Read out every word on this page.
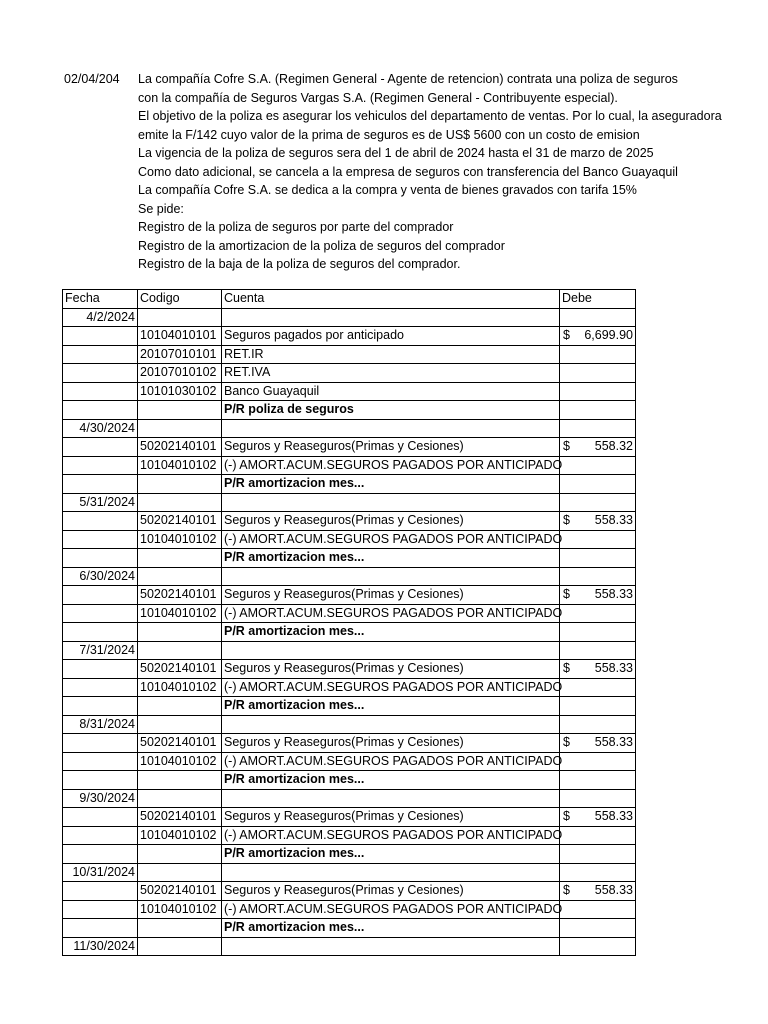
02/04/204 La compañía Cofre S.A. (Regimen General - Agente de retencion) contrata una poliza de seguros
con la compañía de Seguros Vargas S.A. (Regimen General - Contribuyente especial).
El objetivo de la poliza es asegurar los vehiculos del departamento de ventas. Por lo cual, la aseguradora
emite la F/142 cuyo valor de la prima de seguros es de US$ 5600 con un costo de emision
La vigencia de la poliza de seguros sera del 1 de abril de 2024 hasta el 31 de marzo de 2025
Como dato adicional, se cancela a la empresa de seguros con transferencia del Banco Guayaquil
La compañía Cofre S.A. se dedica a la compra y venta de bienes gravados con tarifa 15%
Se pide:
Registro de la poliza de seguros por parte del comprador
Registro de la amortizacion de la poliza de seguros del comprador
Registro de la baja de la poliza de seguros del comprador.
Fecha	Codigo	Cuenta	Debe
4/2/2024			
	10104010101	Seguros pagados por anticipado	$ 6,699.90

	20107010101	RET.IR	
	20107010102	RET.IVA	
	10101030102	Banco Guayaquil	
		P/R poliza de seguros	
4/30/2024			
	50202140101	Seguros y Reaseguros(Primas y Cesiones)	$ 558.32

	10104010102	(-) AMORT.ACUM.SEGUROS PAGADOS POR ANTICIPADO	
		P/R amortizacion mes...	
5/31/2024			
	50202140101	Seguros y Reaseguros(Primas y Cesiones)	$ 558.33

	10104010102	(-) AMORT.ACUM.SEGUROS PAGADOS POR ANTICIPADO	
		P/R amortizacion mes...	
6/30/2024			
	50202140101	Seguros y Reaseguros(Primas y Cesiones)	$ 558.33

	10104010102	(-) AMORT.ACUM.SEGUROS PAGADOS POR ANTICIPADO	
		P/R amortizacion mes...	
7/31/2024			
	50202140101	Seguros y Reaseguros(Primas y Cesiones)	$ 558.33

	10104010102	(-) AMORT.ACUM.SEGUROS PAGADOS POR ANTICIPADO	
		P/R amortizacion mes...	
8/31/2024			
	50202140101	Seguros y Reaseguros(Primas y Cesiones)	$ 558.33

	10104010102	(-) AMORT.ACUM.SEGUROS PAGADOS POR ANTICIPADO	
		P/R amortizacion mes...	
9/30/2024			
	50202140101	Seguros y Reaseguros(Primas y Cesiones)	$ 558.33

	10104010102	(-) AMORT.ACUM.SEGUROS PAGADOS POR ANTICIPADO	
		P/R amortizacion mes...	
10/31/2024			
	50202140101	Seguros y Reaseguros(Primas y Cesiones)	$ 558.33

	10104010102	(-) AMORT.ACUM.SEGUROS PAGADOS POR ANTICIPADO	
		P/R amortizacion mes...	
11/30/2024			
